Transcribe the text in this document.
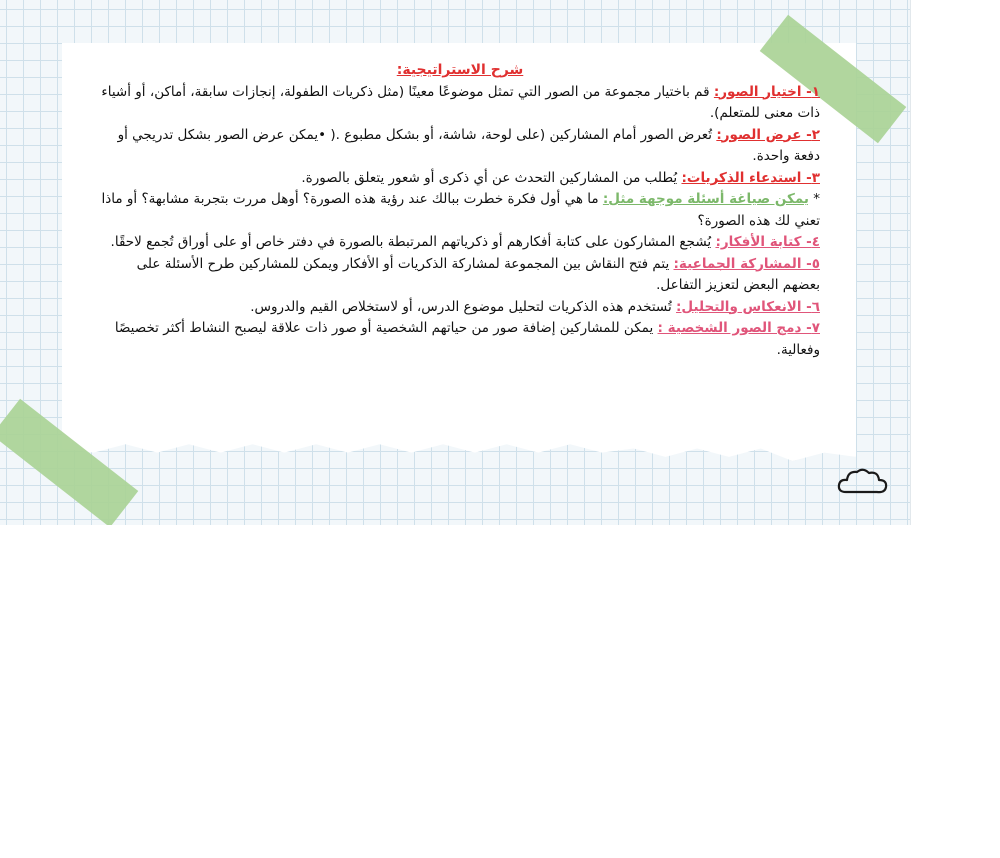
شرح الاستراتيجية:

١- اختيار الصور: قم باختيار مجموعة من الصور التي تمثل موضوعًا معينًا (مثل ذكريات الطفولة، إنجازات سابقة، أماكن، أو أشياء ذات معنى للمتعلم).

٢- عرض الصور: تُعرض الصور أمام المشاركين (على لوحة، شاشة، أو بشكل مطبوع .( •يمكن عرض الصور بشكل تدريجي أو دفعة واحدة.

٣- استدعاء الذكريات: يُطلب من المشاركين التحدث عن أي ذكرى أو شعور يتعلق بالصورة.

* يمكن صياغة أسئلة موجهة مثل: ما هي أول فكرة خطرت ببالك عند رؤية هذه الصورة؟ أوهل مررت بتجربة مشابهة؟ أو ماذا تعني لك هذه الصورة؟

٤- كتابة الأفكار: يُشجع المشاركون على كتابة أفكارهم أو ذكرياتهم المرتبطة بالصورة في دفتر خاص أو على أوراق تُجمع لاحقًا.

٥- المشاركة الجماعية: يتم فتح النقاش بين المجموعة لمشاركة الذكريات أو الأفكار ويمكن للمشاركين طرح الأسئلة على بعضهم البعض لتعزيز التفاعل.

٦- الانعكاس والتحليل: تُستخدم هذه الذكريات لتحليل موضوع الدرس، أو لاستخلاص القيم والدروس.

٧- دمج الصور الشخصية : يمكن للمشاركين إضافة صور من حياتهم الشخصية أو صور ذات علاقة ليصبح النشاط أكثر تخصيصًا وفعالية.
